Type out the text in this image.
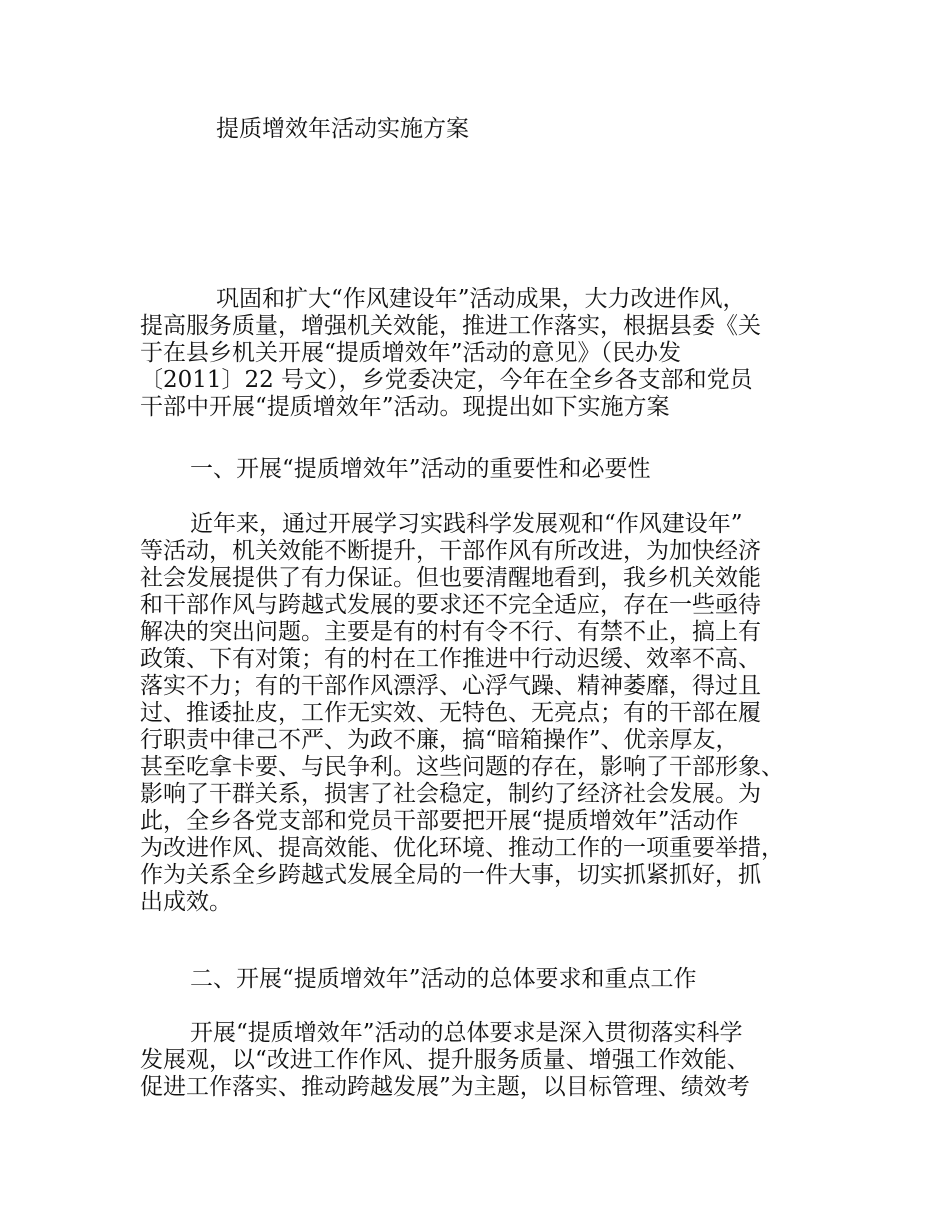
提质增效年活动实施方案
巩固和扩大“作风建设年”活动成果，大力改进作风，
提高服务质量，增强机关效能，推进工作落实，根据县委《关
于在县乡机关开展“提质增效年”活动的意见》（民办发
〔2011〕22 号文），乡党委决定，今年在全乡各支部和党员
干部中开展“提质增效年”活动。现提出如下实施方案
一、开展“提质增效年”活动的重要性和必要性
近年来，通过开展学习实践科学发展观和“作风建设年”
等活动，机关效能不断提升，干部作风有所改进，为加快经济
社会发展提供了有力保证。但也要清醒地看到，我乡机关效能
和干部作风与跨越式发展的要求还不完全适应，存在一些亟待
解决的突出问题。主要是有的村有令不行、有禁不止，搞上有
政策、下有对策；有的村在工作推进中行动迟缓、效率不高、
落实不力；有的干部作风漂浮、心浮气躁、精神萎靡，得过且
过、推诿扯皮，工作无实效、无特色、无亮点；有的干部在履
行职责中律己不严、为政不廉，搞“暗箱操作”、优亲厚友，
甚至吃拿卡要、与民争利。这些问题的存在，影响了干部形象、
影响了干群关系，损害了社会稳定，制约了经济社会发展。为
此，全乡各党支部和党员干部要把开展“提质增效年”活动作
为改进作风、提高效能、优化环境、推动工作的一项重要举措，
作为关系全乡跨越式发展全局的一件大事，切实抓紧抓好，抓
出成效。
二、开展“提质增效年”活动的总体要求和重点工作
开展“提质增效年”活动的总体要求是深入贯彻落实科学
发展观，以“改进工作作风、提升服务质量、增强工作效能、
促进工作落实、推动跨越发展”为主题，以目标管理、绩效考
